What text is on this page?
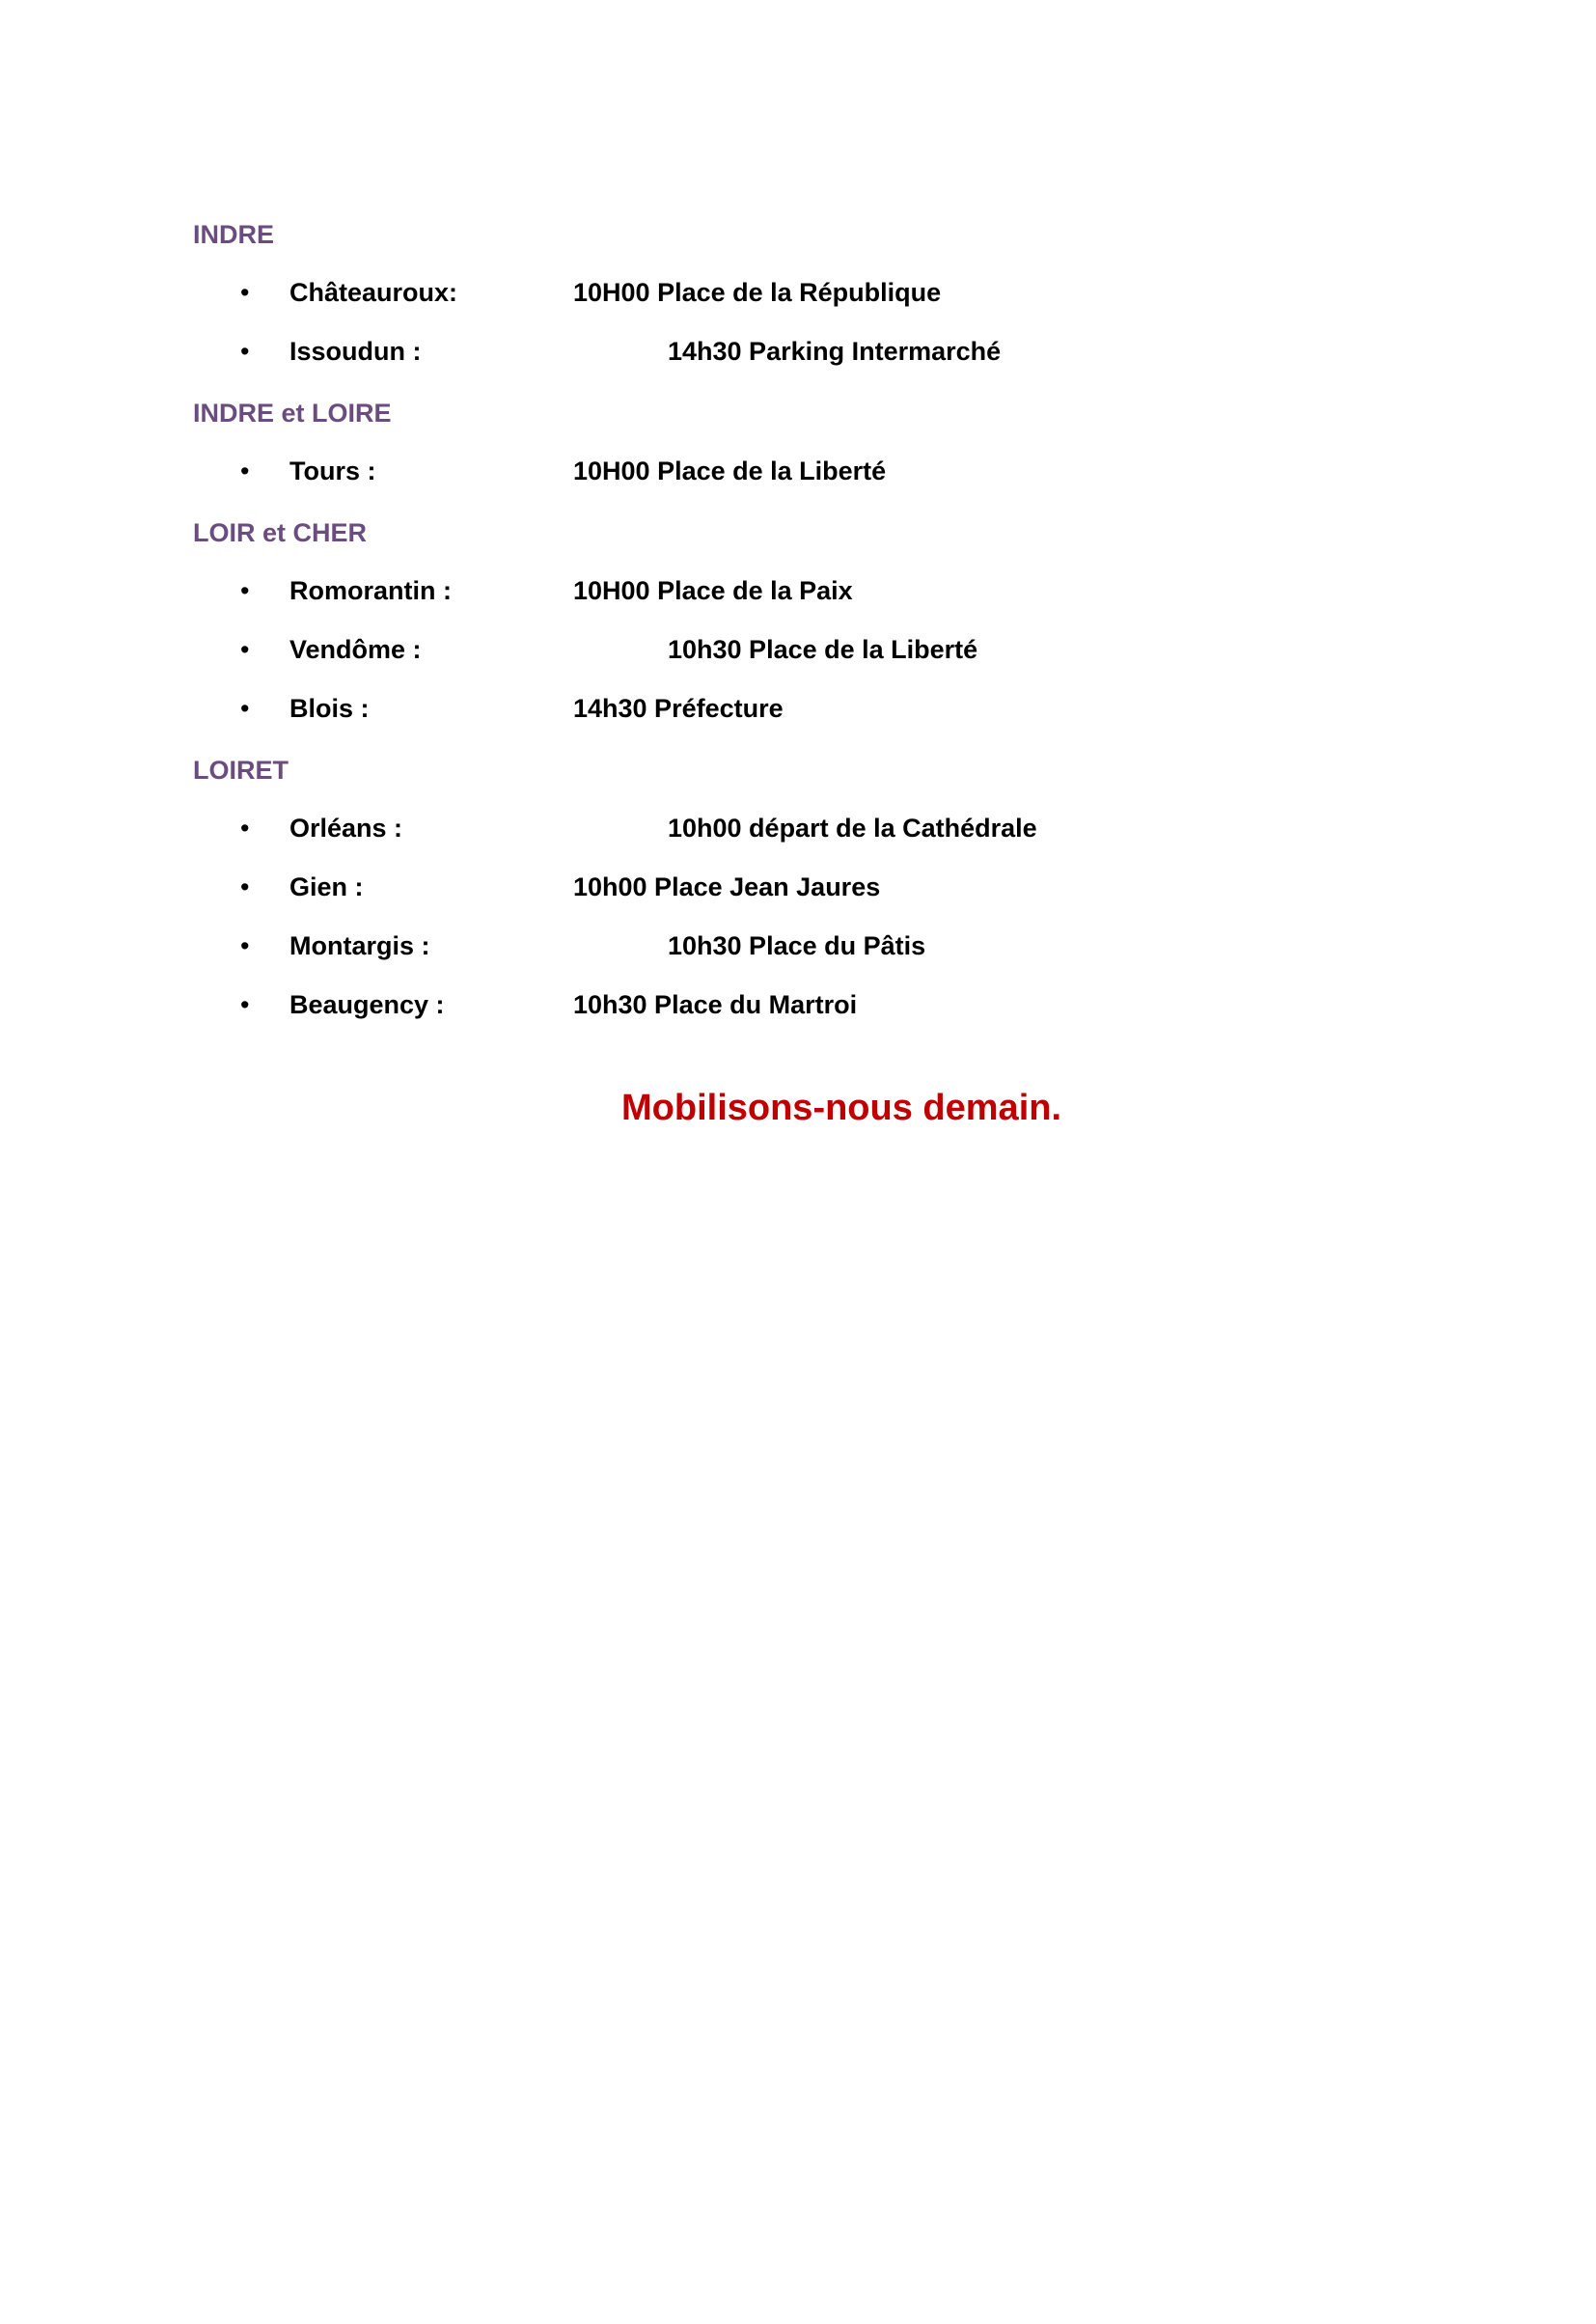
INDRE
• Châteauroux:	10H00 Place de la République
• Issoudun :	14h30 Parking Intermarché
INDRE et LOIRE
• Tours :	10H00 Place de la Liberté
LOIR et CHER
• Romorantin :	10H00 Place de la Paix
• Vendôme :	10h30 Place de la Liberté
• Blois :	14h30 Préfecture
LOIRET
• Orléans :	10h00 départ de la Cathédrale
• Gien :	10h00 Place Jean Jaures
• Montargis :	10h30 Place du Pâtis
• Beaugency :	10h30 Place du Martroi
Mobilisons-nous demain.
